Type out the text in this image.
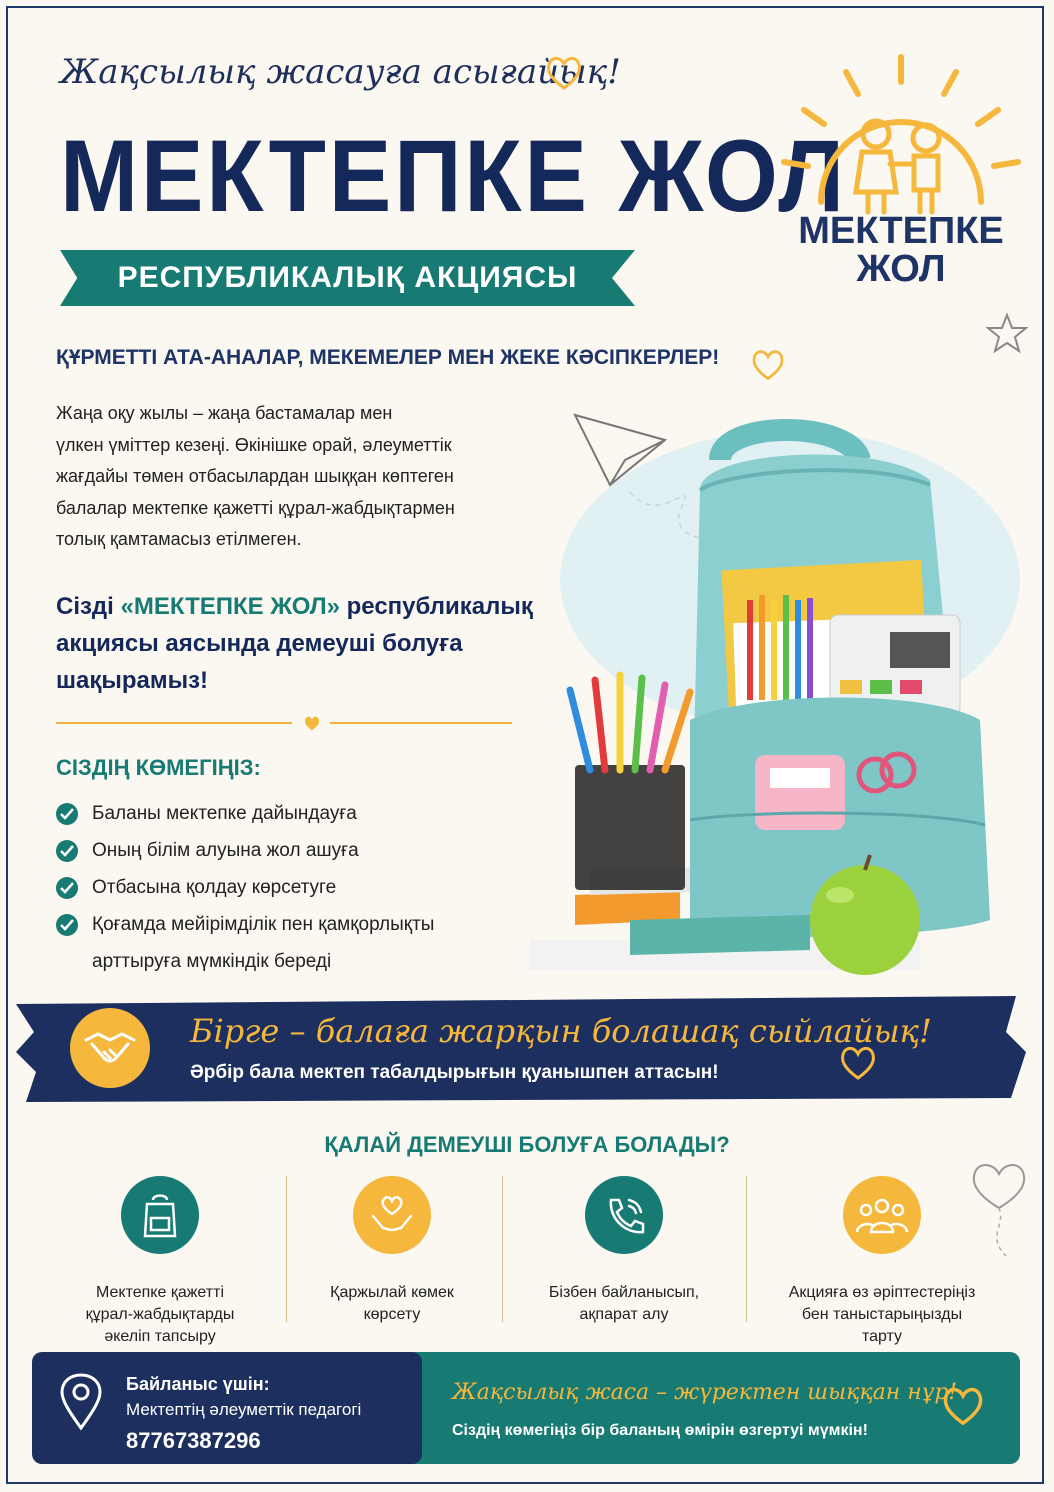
Жақсылық жасауға асығайық!
МЕКТЕПКЕ ЖОЛ
РЕСПУБЛИКАЛЫҚ АКЦИЯСЫ
МЕКТЕПКЕ
ЖОЛ
ҚҰРМЕТТІ АТА-АНАЛАР, МЕКЕМЕЛЕР МЕН ЖЕКЕ КӘСІПКЕРЛЕР!
Жаңа оқу жылы – жаңа бастамалар мен
үлкен үміттер кезеңі. Өкінішке орай, әлеуметтік
жағдайы төмен отбасылардан шыққан көптеген
балалар мектепке қажетті құрал-жабдықтармен
толық қамтамасыз етілмеген.
Сізді «МЕКТЕПКЕ ЖОЛ» республикалық
акциясы аясында демеуші болуға
шақырамыз!
СІЗДІҢ КӨМЕГІҢІЗ:
Баланы мектепке дайындауға
Оның білім алуына жол ашуға
Отбасына қолдау көрсетуге
Қоғамда мейірімділік пен қамқорлықты
арттыруға мүмкіндік береді
Бірге – балаға жарқын болашақ сыйлайық!
Әрбір бала мектеп табалдырығын қуанышпен аттасын!
ҚАЛАЙ ДЕМЕУШІ БОЛУҒА БОЛАДЫ?
Мектепке қажетті
құрал-жабдықтарды
әкеліп тапсыру
Қаржылай көмек
көрсету
Бізбен байланысып,
ақпарат алу
Акцияға өз әріптестеріңіз
бен таныстарыңызды
тарту
Байланыс үшін:
Мектептің әлеуметтік педагогі
87767387296
Жақсылық жаса – жүректен шыққан нұр!
Сіздің көмегіңіз бір баланың өмірін өзгертуі мүмкін!
